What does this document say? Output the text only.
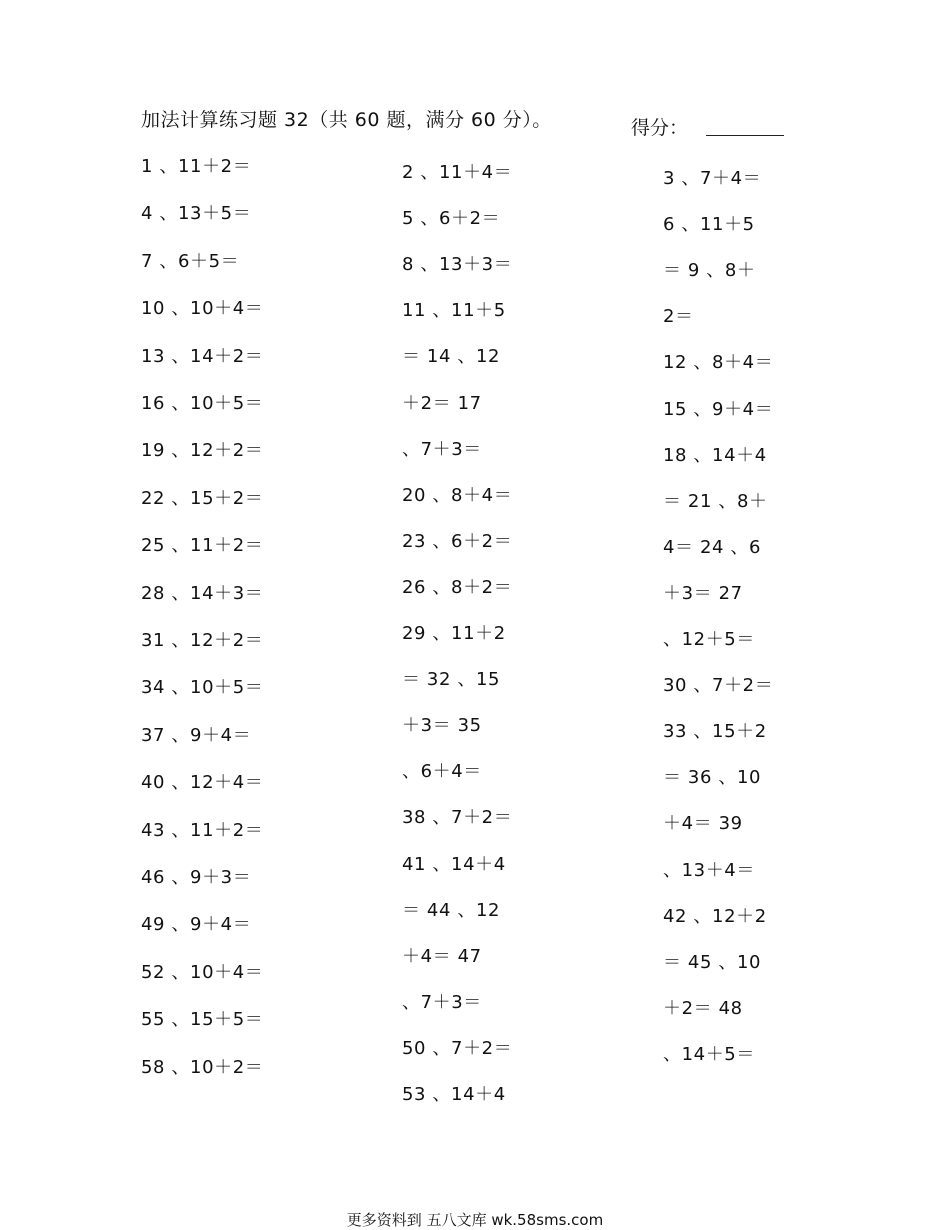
加法计算练习题 32（共 60 题，满分 60 分）。	得分：
1 、11＋2＝
4 、13＋5＝
7 、6＋5＝
10 、10＋4＝
13 、14＋2＝
16 、10＋5＝
19 、12＋2＝
22 、15＋2＝
25 、11＋2＝
28 、14＋3＝
31 、12＋2＝
34 、10＋5＝
37 、9＋4＝
40 、12＋4＝
43 、11＋2＝
46 、9＋3＝
49 、9＋4＝
52 、10＋4＝
55 、15＋5＝
58 、10＋2＝
2 、11＋4＝
5 、6＋2＝
8 、13＋3＝
11 、11＋5
＝ 14 、12
＋2＝ 17
、7＋3＝
20 、8＋4＝
23 、6＋2＝
26 、8＋2＝
29 、11＋2
＝ 32 、15
＋3＝ 35
、6＋4＝
38 、7＋2＝
41 、14＋4
＝ 44 、12
＋4＝ 47
、7＋3＝
50 、7＋2＝
53 、14＋4
3 、7＋4＝
6 、11＋5
＝ 9 、8＋
2＝
12 、8＋4＝
15 、9＋4＝
18 、14＋4
＝ 21 、8＋
4＝ 24 、6
＋3＝ 27
、12＋5＝
30 、7＋2＝
33 、15＋2
＝ 36 、10
＋4＝ 39
、13＋4＝
42 、12＋2
＝ 45 、10
＋2＝ 48
、14＋5＝
更多资料到 五八文库 wk.58sms.com
